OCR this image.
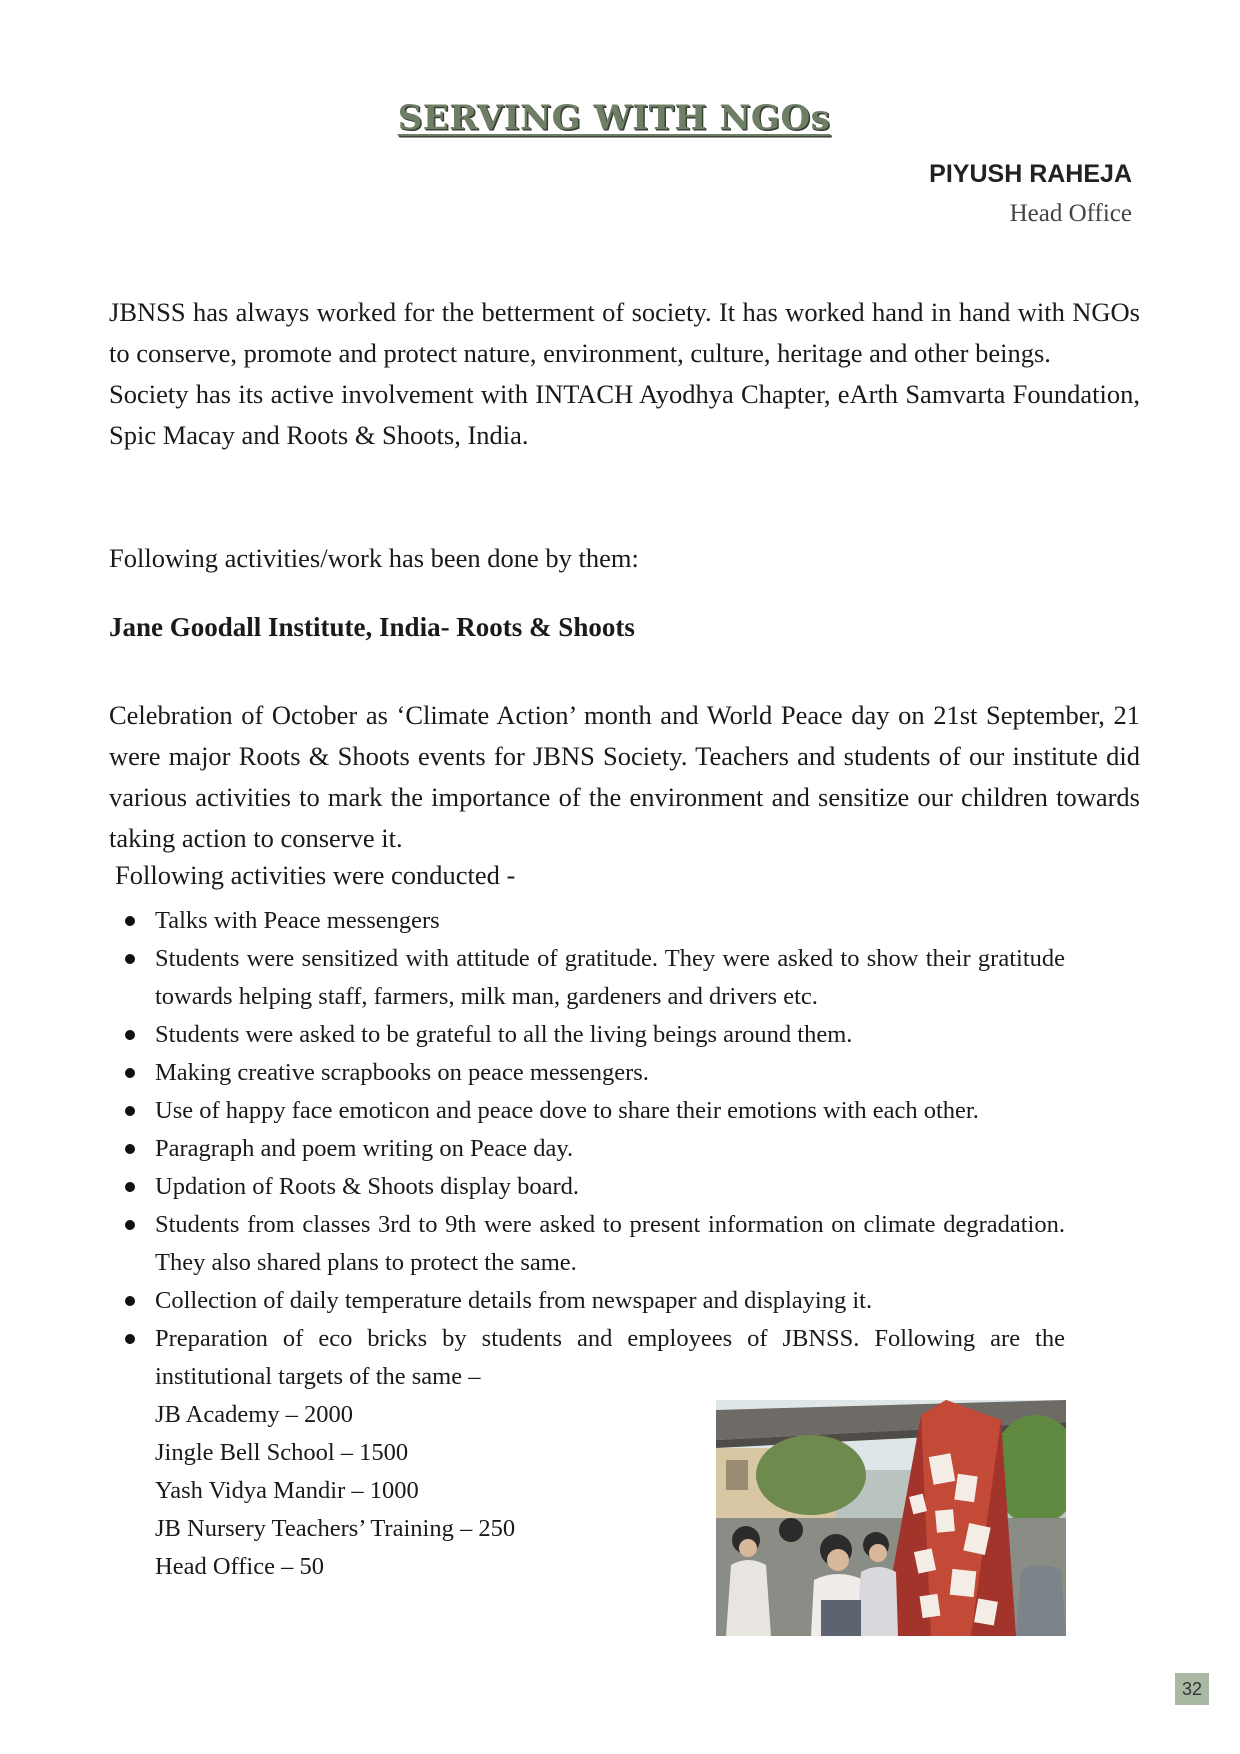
SERVING WITH NGOs
PIYUSH RAHEJA
Head Office

JBNSS has always worked for the betterment of society. It has worked hand in hand with NGOs to conserve, promote and protect nature, environment, culture, heritage and other beings.

Society has its active involvement with INTACH Ayodhya Chapter, eArth Samvarta Foundation, Spic Macay and Roots & Shoots, India.

Following activities/work has been done by them:

Jane Goodall Institute, India- Roots & Shoots

Celebration of October as ‘Climate Action’ month and World Peace day on 21st September, 21 were major Roots & Shoots events for JBNS Society. Teachers and students of our institute did various activities to mark the importance of the environment and sensitize our children towards taking action to conserve it.

Following activities were conducted -

Talks with Peace messengers
Students were sensitized with attitude of gratitude. They were asked to show their gratitude towards helping staff, farmers, milk man, gardeners and drivers etc.
Students were asked to be grateful to all the living beings around them.
Making creative scrapbooks on peace messengers.
Use of happy face emoticon and peace dove to share their emotions with each other.
Paragraph and poem writing on Peace day.
Updation of Roots & Shoots display board.
Students from classes 3rd to 9th were asked to present information on climate degradation. They also shared plans to protect the same.
Collection of daily temperature details from newspaper and displaying it.
Preparation of eco bricks by students and employees of JBNSS. Following are the institutional targets of the same –
JB Academy – 2000
Jingle Bell School – 1500
Yash Vidya Mandir – 1000
JB Nursery Teachers’ Training – 250
Head Office – 50
32
